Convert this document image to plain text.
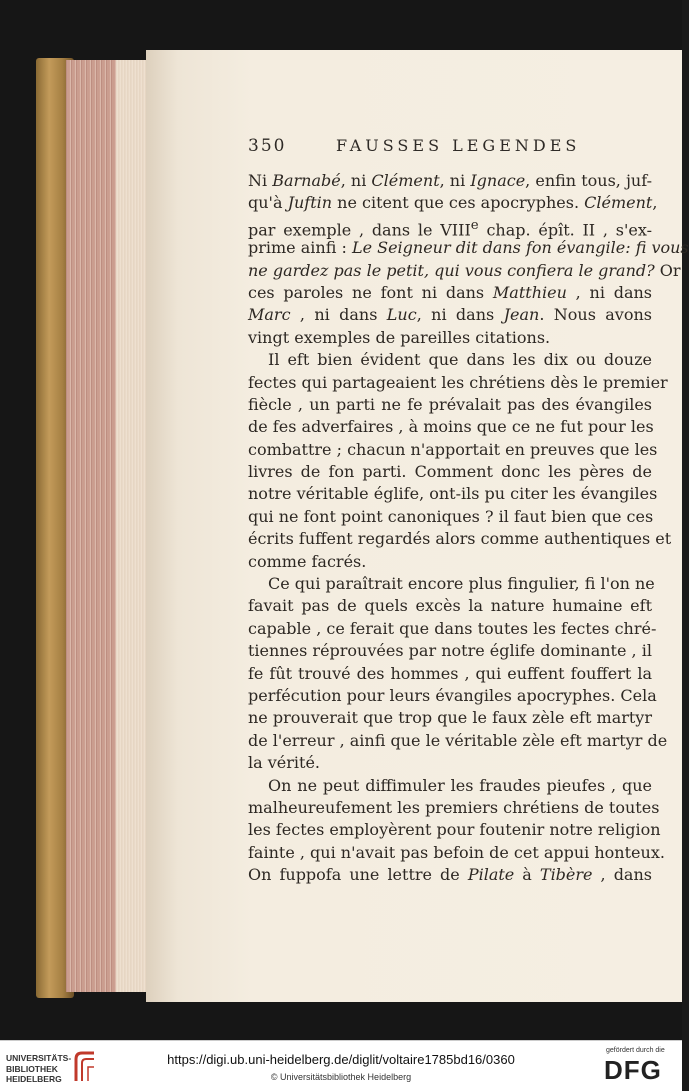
350	FAUSSES LEGENDES
Ni Barnabé, ni Clément, ni Ignace, enfin tous, juf-
qu'à Juftin ne citent que ces apocryphes. Clément
par exemple , dans le VIIIe chap. épît. II , s'ex-
prime ainfi : Le Seigneur dit dans fon évangile: fi vous
ne gardez pas le petit, qui vous confiera le grand?
ces paroles ne font ni dans Matthieu , ni dans
Marc , ni dans Luc, ni dans Jean. Nous avons
vingt exemples de pareilles citations.
Il eft bien évident que dans les dix ou douze
fectes qui partageaient les chrétiens dès le premier
fiècle , un parti ne fe prévalait pas des évangiles
de fes adverfaires , à moins que ce ne fut pour les
combattre ; chacun n'apportait en preuves que les
livres de fon parti. Comment donc les pères de
notre véritable églife, ont-ils pu citer les évangiles
qui ne font point canoniques ? il faut bien que ces
écrits fuffent regardés alors comme authentiques et
comme facrés.
Ce qui paraîtrait encore plus fingulier, fi l'on ne
favait pas de quels excès la nature humaine eft
capable , ce ferait que dans toutes les fectes chré-
tiennes réprouvées par notre églife dominante , il
fe fût trouvé des hommes , qui euffent fouffert la
perfécution pour leurs évangiles apocryphes. Cela
ne prouverait que trop que le faux zèle eft martyr
de l'erreur , ainfi que le véritable zèle eft martyr de
la vérité.
On ne peut diffimuler les fraudes pieufes , que
malheureufement les premiers chrétiens de toutes
les fectes employèrent pour foutenir notre religion
fainte , qui n'avait pas befoin de cet appui honteux.
On fuppofa une lettre de Pilate à Tibère , dans
UNIVERSITÄTS-
BIBLIOTHEK
HEIDELBERG
https://digi.ub.uni-heidelberg.de/diglit/voltaire1785bd16/0360
© Universitätsbibliothek Heidelberg
gefördert durch die
DFG
